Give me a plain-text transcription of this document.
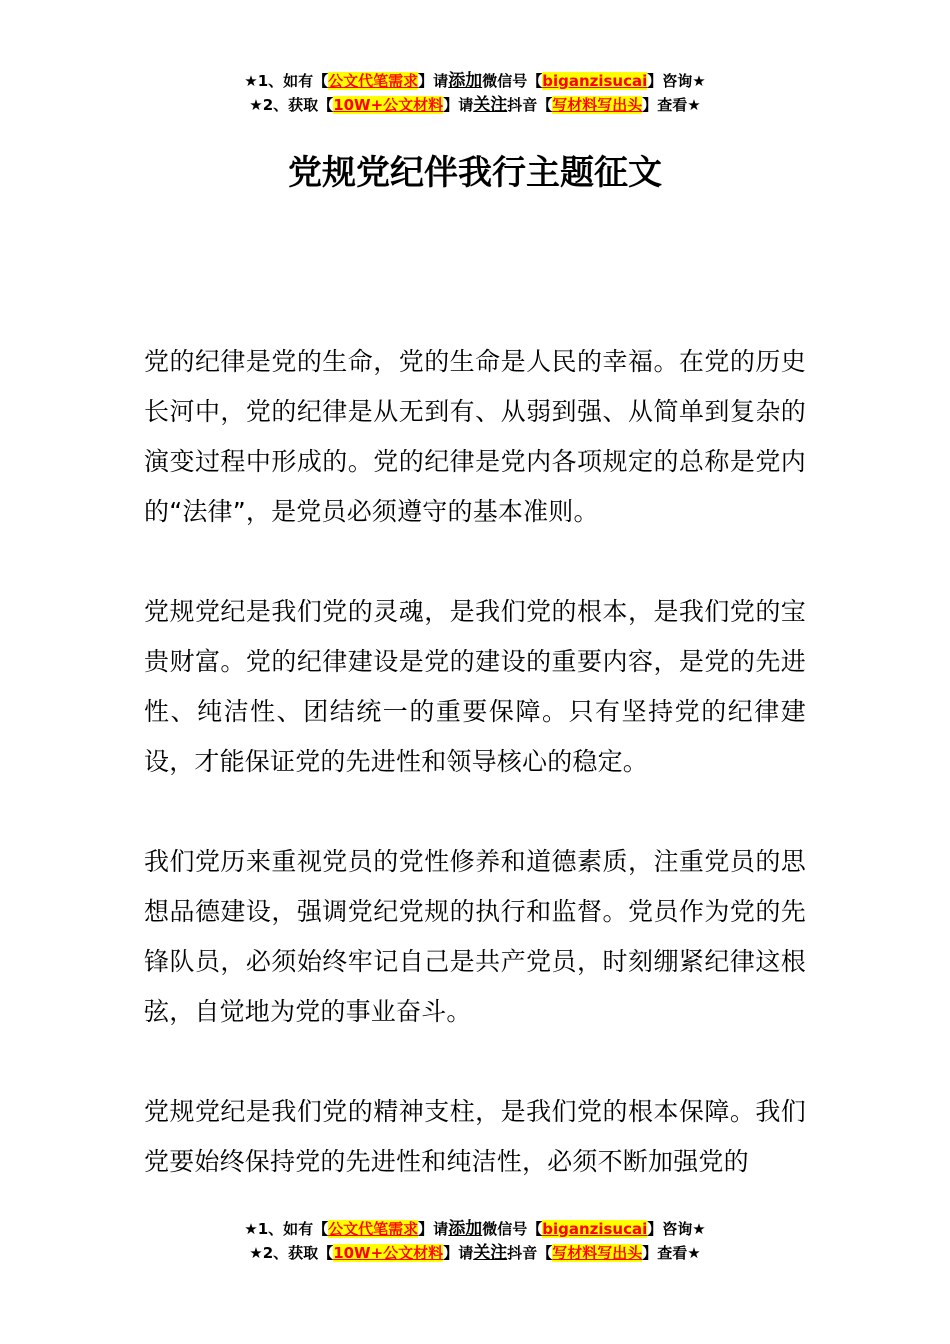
★1、如有【公文代笔需求】请添加微信号【biganzisucai】咨询★
★2、获取【10W+公文材料】请关注抖音【写材料写出头】查看★
党规党纪伴我行主题征文

党的纪律是党的生命，党的生命是人民的幸福。在党的历史长河中，党的纪律是从无到有、从弱到强、从简单到复杂的演变过程中形成的。党的纪律是党内各项规定的总称是党内的“法律”，是党员必须遵守的基本准则。

党规党纪是我们党的灵魂，是我们党的根本，是我们党的宝贵财富。党的纪律建设是党的建设的重要内容，是党的先进性、纯洁性、团结统一的重要保障。只有坚持党的纪律建设，才能保证党的先进性和领导核心的稳定。

我们党历来重视党员的党性修养和道德素质，注重党员的思想品德建设，强调党纪党规的执行和监督。党员作为党的先锋队员，必须始终牢记自己是共产党员，时刻绷紧纪律这根弦，自觉地为党的事业奋斗。

党规党纪是我们党的精神支柱，是我们党的根本保障。我们党要始终保持党的先进性和纯洁性，必须不断加强党的

★1、如有【公文代笔需求】请添加微信号【biganzisucai】咨询★
★2、获取【10W+公文材料】请关注抖音【写材料写出头】查看★
